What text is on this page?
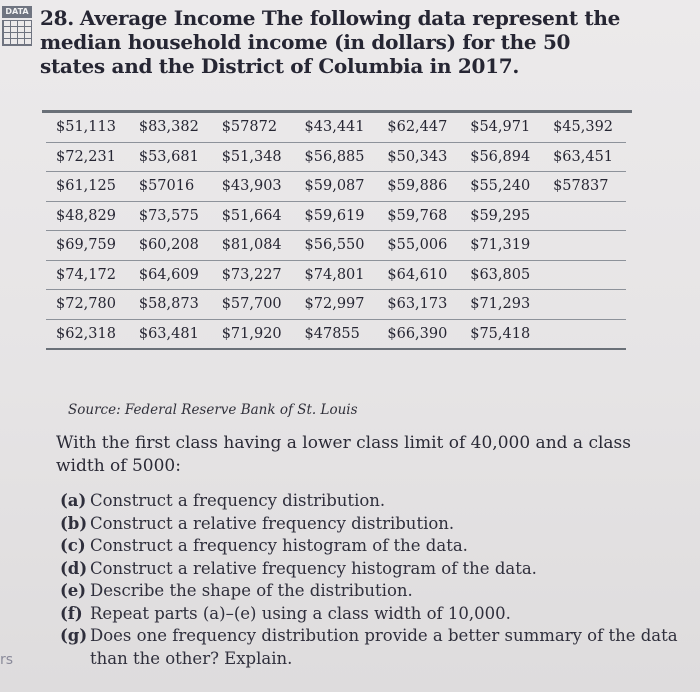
DATA 28. Average Income The following data represent the median household income (in dollars) for the 50 states and the District of Columbia in 2017.
$51,113	$83,382	$57872	$43,441	$62,447	$54,971	$45,392
$72,231	$53,681	$51,348	$56,885	$50,343	$56,894	$63,451
$61,125	$57016	$43,903	$59,087	$59,886	$55,240	$57837
$48,829	$73,575	$51,664	$59,619	$59,768	$59,295	
$69,759	$60,208	$81,084	$56,550	$55,006	$71,319	
$74,172	$64,609	$73,227	$74,801	$64,610	$63,805	
$72,780	$58,873	$57,700	$72,997	$63,173	$71,293	
$62,318	$63,481	$71,920	$47855	$66,390	$75,418	
Source: Federal Reserve Bank of St. Louis
With the first class having a lower class limit of 40,000 and a class width of 5000:
(a) Construct a frequency distribution.
(b) Construct a relative frequency distribution.
(c) Construct a frequency histogram of the data.
(d) Construct a relative frequency histogram of the data.
(e) Describe the shape of the distribution.
(f) Repeat parts (a)–(e) using a class width of 10,000.
(g) Does one frequency distribution provide a better summary of the data than the other? Explain.
rs
